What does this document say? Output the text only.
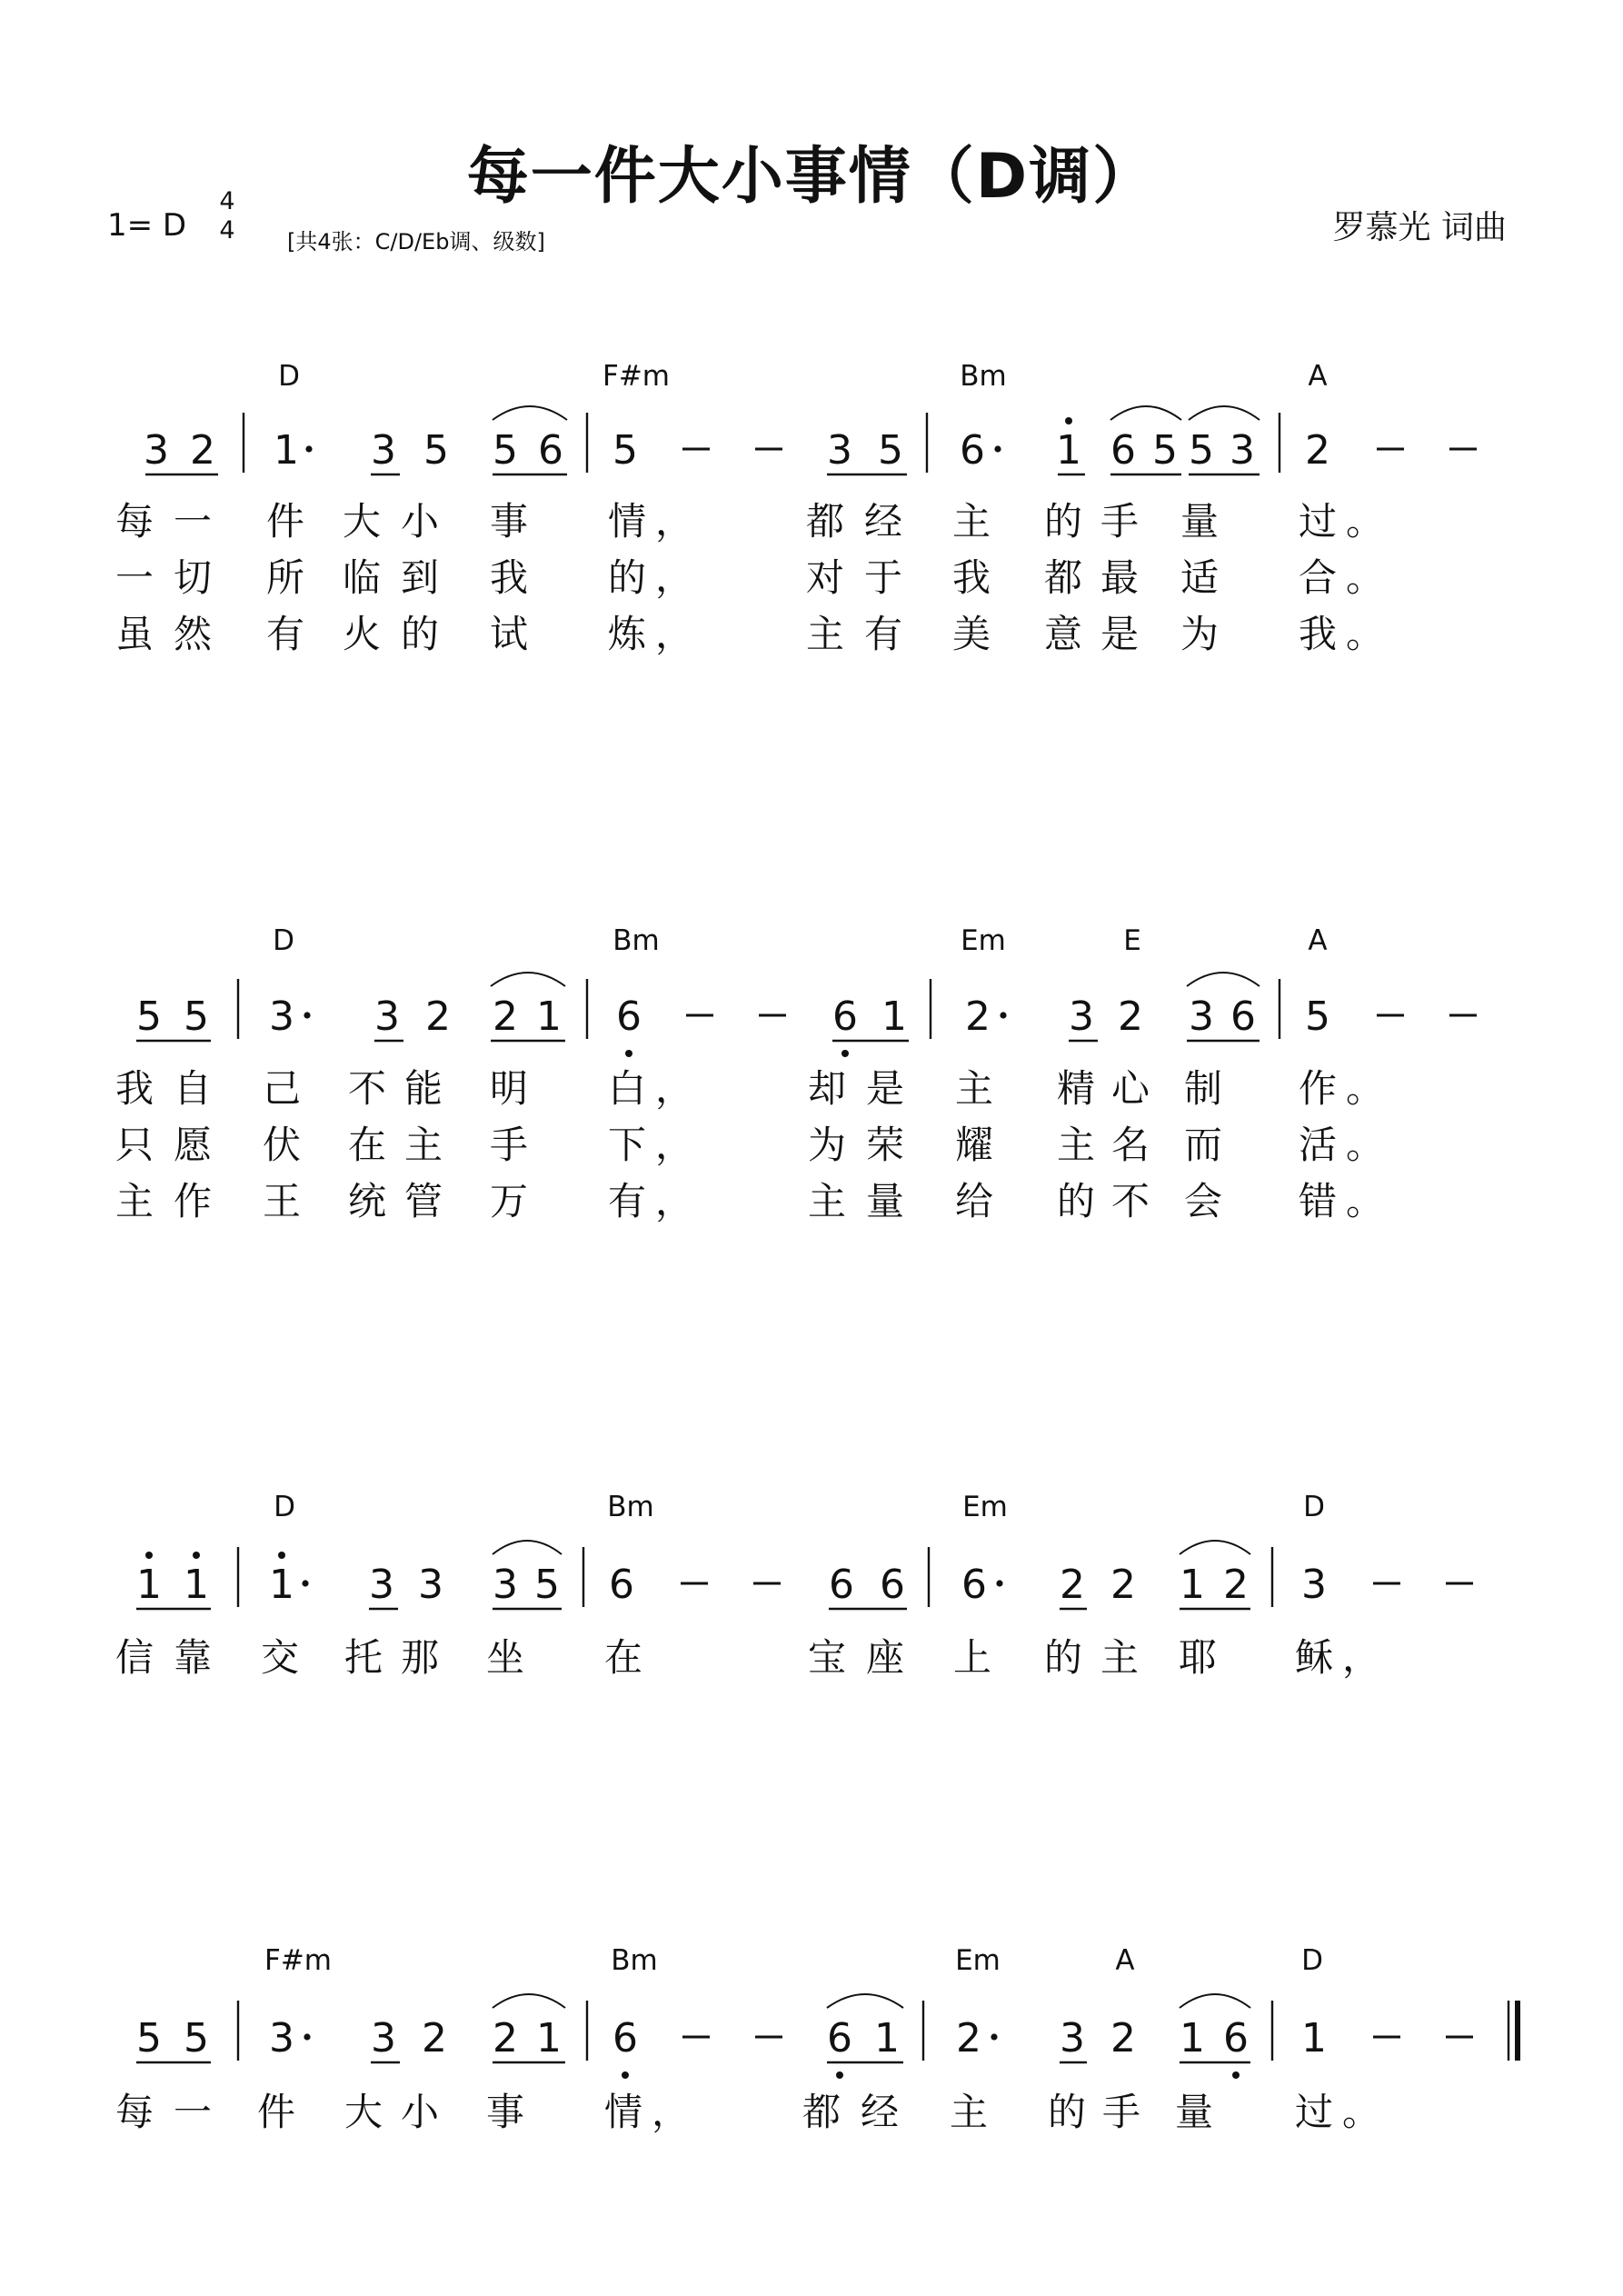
每一件大小事情（D调）
1= D
4
4 [共4张：C/D/Eb调、级数]	罗慕光 词曲
D	F#m	Bm	A
3 2 1 3 5 5 6 5	3 5 6 1 6 5 5 3 2
每 一 件 大 小 事 情 ，	都 经 主 的 手 量 过 。
一 切 所 临 到 我 的 ，	对 于 我 都 最 适 合 。
虽 然 有 火 的 试 炼 ，	主 有 美 意 是 为 我 。
D	Bm	Em	E	A
5 5 3 3 2 2 1 6	6 1 2 3 2 3 6 5
我 自 己 不 能 明 白 ，	却 是 主 精 心 制 作 。
只 愿 伏 在 主 手 下 ，	为 荣 耀 主 名 而 活 。
主 作 王 统 管 万 有 ，	主 量 给 的 不 会 错 。
D	Bm	Em	D
1 1 1 3 3 3 5 6	6 6 6 2 2 1 2 3
信 靠 交 托 那 坐 在	宝 座 上 的 主 耶 稣 ，
F#m	Bm	Em	A	D
5 5 3 3 2 2 1 6	6 1 2 3 2 1 6 1
每 一 件 大 小 事 情 ，	都 经 主 的 手 量 过 。
